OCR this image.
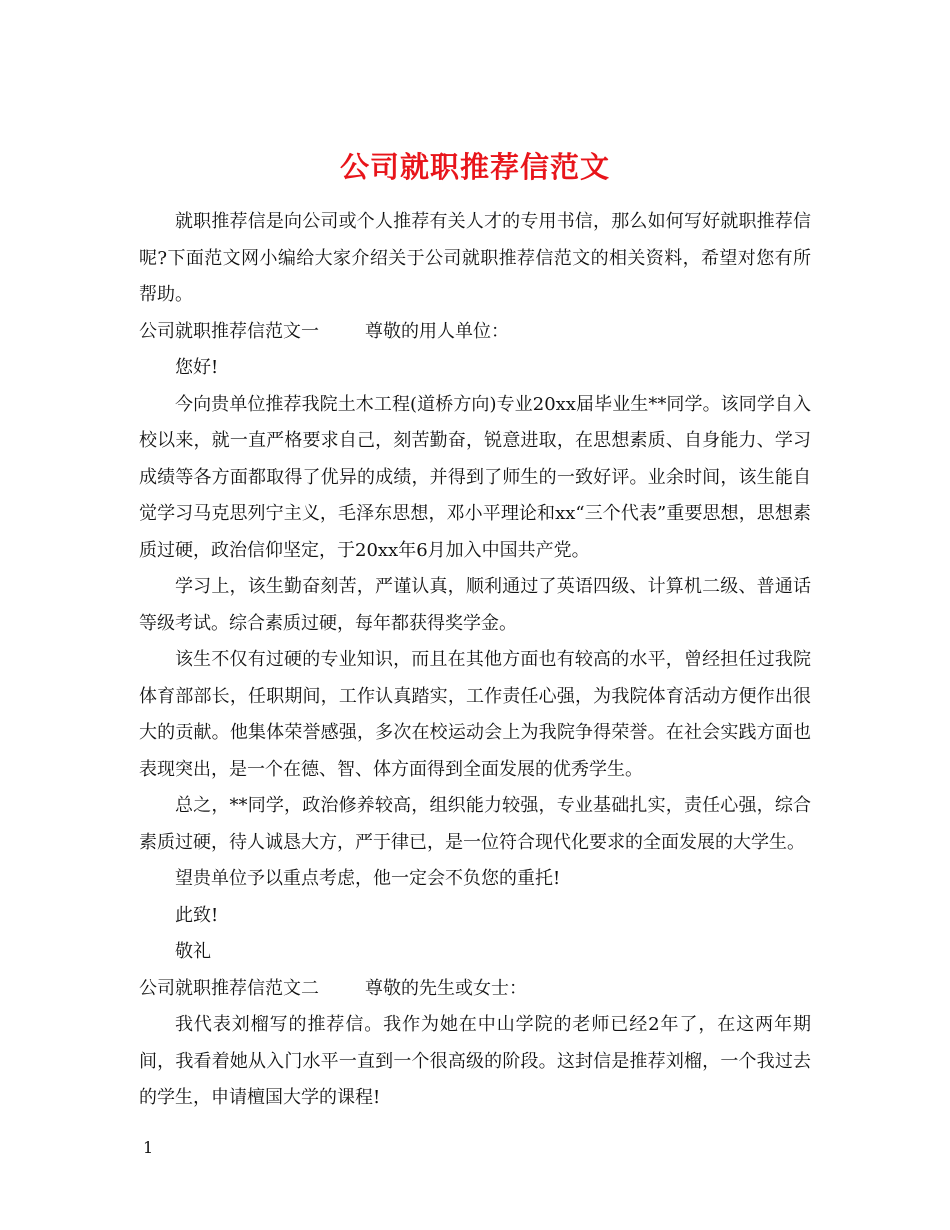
公司就职推荐信范文

就职推荐信是向公司或个人推荐有关人才的专用书信，那么如何写好就职推荐信呢?下面范文网小编给大家介绍关于公司就职推荐信范文的相关资料，希望对您有所帮助。

公司就职推荐信范文一	尊敬的用人单位：

您好!

今向贵单位推荐我院土木工程(道桥方向)专业20xx届毕业生**同学。该同学自入校以来，就一直严格要求自己，刻苦勤奋，锐意进取，在思想素质、自身能力、学习成绩等各方面都取得了优异的成绩，并得到了师生的一致好评。业余时间，该生能自觉学习马克思列宁主义，毛泽东思想，邓小平理论和xx“三个代表”重要思想，思想素质过硬，政治信仰坚定，于20xx年6月加入中国共产党。

学习上，该生勤奋刻苦，严谨认真，顺利通过了英语四级、计算机二级、普通话等级考试。综合素质过硬，每年都获得奖学金。

该生不仅有过硬的专业知识，而且在其他方面也有较高的水平，曾经担任过我院体育部部长，任职期间，工作认真踏实，工作责任心强，为我院体育活动方便作出很大的贡献。他集体荣誉感强，多次在校运动会上为我院争得荣誉。在社会实践方面也表现突出，是一个在德、智、体方面得到全面发展的优秀学生。

总之，**同学，政治修养较高，组织能力较强，专业基础扎实，责任心强，综合素质过硬，待人诚恳大方，严于律已，是一位符合现代化要求的全面发展的大学生。

望贵单位予以重点考虑，他一定会不负您的重托!

此致!

敬礼

公司就职推荐信范文二	尊敬的先生或女士：

我代表刘榴写的推荐信。我作为她在中山学院的老师已经2年了，在这两年期间，我看着她从入门水平一直到一个很高级的阶段。这封信是推荐刘榴，一个我过去的学生，申请檀国大学的课程!

1
